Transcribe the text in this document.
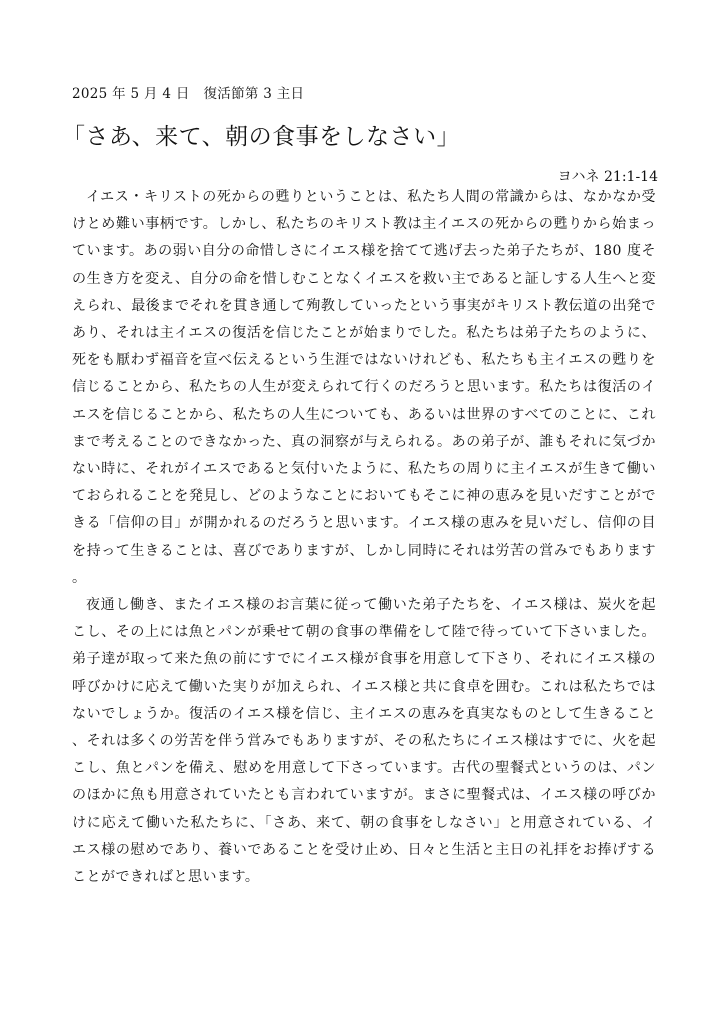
2025 年 5 月 4 日　復活節第 3 主日
「さあ、来て、朝の食事をしなさい」
ヨハネ 21:1-14

イエス・キリストの死からの甦りということは、私たち人間の常識からは、なかなか受けとめ難い事柄です。しかし、私たちのキリスト教は主イエスの死からの甦りから始まっています。あの弱い自分の命惜しさにイエス様を捨てて逃げ去った弟子たちが、180 度その生き方を変え、自分の命を惜しむことなくイエスを救い主であると証しする人生へと変えられ、最後までそれを貫き通して殉教していったという事実がキリスト教伝道の出発であり、それは主イエスの復活を信じたことが始まりでした。私たちは弟子たちのように、死をも厭わず福音を宣べ伝えるという生涯ではないけれども、私たちも主イエスの甦りを信じることから、私たちの人生が変えられて行くのだろうと思います。私たちは復活のイエスを信じることから、私たちの人生についても、あるいは世界のすべてのことに、これまで考えることのできなかった、真の洞察が与えられる。あの弟子が、誰もそれに気づかない時に、それがイエスであると気付いたように、私たちの周りに主イエスが生きて働いておられることを発見し、どのようなことにおいてもそこに神の恵みを見いだすことができる「信仰の目」が開かれるのだろうと思います。イエス様の恵みを見いだし、信仰の目を持って生きることは、喜びでありますが、しかし同時にそれは労苦の営みでもあります。

夜通し働き、またイエス様のお言葉に従って働いた弟子たちを、イエス様は、炭火を起こし、その上には魚とパンが乗せて朝の食事の準備をして陸で待っていて下さいました。弟子達が取って来た魚の前にすでにイエス様が食事を用意して下さり、それにイエス様の呼びかけに応えて働いた実りが加えられ、イエス様と共に食卓を囲む。これは私たちではないでしょうか。復活のイエス様を信じ、主イエスの恵みを真実なものとして生きること、それは多くの労苦を伴う営みでもありますが、その私たちにイエス様はすでに、火を起こし、魚とパンを備え、慰めを用意して下さっています。古代の聖餐式というのは、パンのほかに魚も用意されていたとも言われていますが。まさに聖餐式は、イエス様の呼びかけに応えて働いた私たちに、「さあ、来て、朝の食事をしなさい」と用意されている、イエス様の慰めであり、養いであることを受け止め、日々と生活と主日の礼拝をお捧げすることができればと思います。
